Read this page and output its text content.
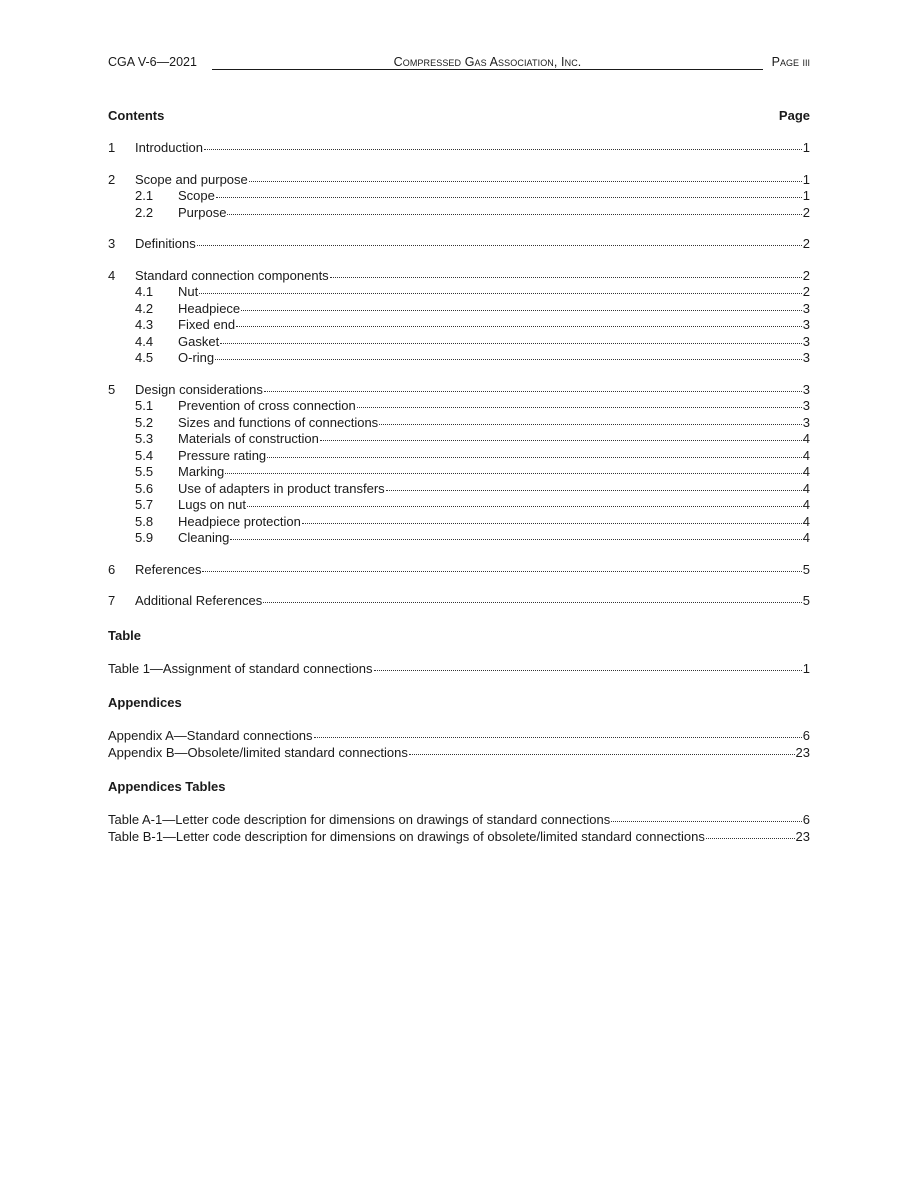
CGA V-6—2021	Compressed Gas Association, Inc.	Page iii
Contents	Page
1	Introduction	1
2	Scope and purpose	1
2.1	Scope	1
2.2	Purpose	2
3	Definitions	2
4	Standard connection components	2
4.1	Nut	2
4.2	Headpiece	3
4.3	Fixed end	3
4.4	Gasket	3
4.5	O-ring	3
5	Design considerations	3
5.1	Prevention of cross connection	3
5.2	Sizes and functions of connections	3
5.3	Materials of construction	4
5.4	Pressure rating	4
5.5	Marking	4
5.6	Use of adapters in product transfers	4
5.7	Lugs on nut	4
5.8	Headpiece protection	4
5.9	Cleaning	4
6	References	5
7	Additional References	5
Table
Table 1—Assignment of standard connections	1
Appendices
Appendix A—Standard connections	6
Appendix B—Obsolete/limited standard connections	23
Appendices Tables
Table A-1—Letter code description for dimensions on drawings of standard connections	6
Table B-1—Letter code description for dimensions on drawings of obsolete/limited standard connections	23
